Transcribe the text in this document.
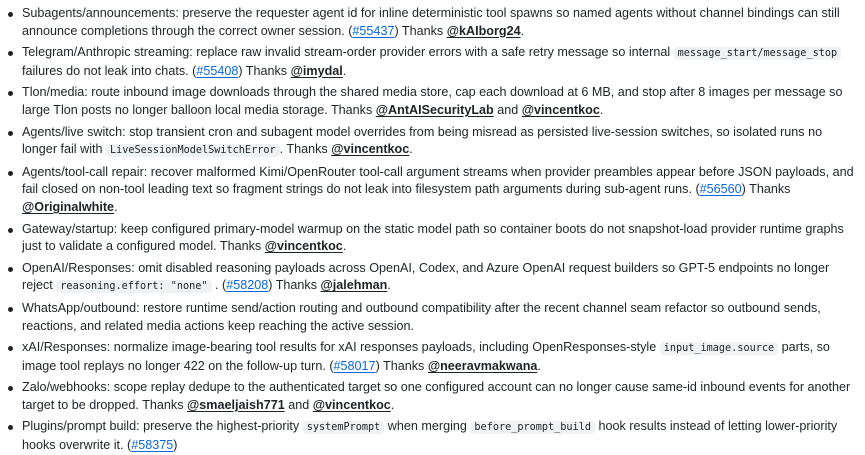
Subagents/announcements: preserve the requester agent id for inline deterministic tool spawns so named agents without channel bindings can still announce completions through the correct owner session. (#55437) Thanks @kAIborg24.
Telegram/Anthropic streaming: replace raw invalid stream-order provider errors with a safe retry message so internal message_start/message_stop failures do not leak into chats. (#55408) Thanks @imydal.
Tlon/media: route inbound image downloads through the shared media store, cap each download at 6 MB, and stop after 8 images per message so large Tlon posts no longer balloon local media storage. Thanks @AntAISecurityLab and @vincentkoc.
Agents/live switch: stop transient cron and subagent model overrides from being misread as persisted live-session switches, so isolated runs no longer fail with LiveSessionModelSwitchError . Thanks @vincentkoc.
Agents/tool-call repair: recover malformed Kimi/OpenRouter tool-call argument streams when provider preambles appear before JSON payloads, and fail closed on non-tool leading text so fragment strings do not leak into filesystem path arguments during sub-agent runs. (#56560) Thanks @Originalwhite.
Gateway/startup: keep configured primary-model warmup on the static model path so container boots do not snapshot-load provider runtime graphs just to validate a configured model. Thanks @vincentkoc.
OpenAI/Responses: omit disabled reasoning payloads across OpenAI, Codex, and Azure OpenAI request builders so GPT-5 endpoints no longer reject reasoning.effort: "none" . (#58208) Thanks @jalehman.
WhatsApp/outbound: restore runtime send/action routing and outbound compatibility after the recent channel seam refactor so outbound sends, reactions, and related media actions keep reaching the active session.
xAI/Responses: normalize image-bearing tool results for xAI responses payloads, including OpenResponses-style input_image.source parts, so image tool replays no longer 422 on the follow-up turn. (#58017) Thanks @neeravmakwana.
Zalo/webhooks: scope replay dedupe to the authenticated target so one configured account can no longer cause same-id inbound events for another target to be dropped. Thanks @smaeljaish771 and @vincentkoc.
Plugins/prompt build: preserve the highest-priority systemPrompt when merging before_prompt_build hook results instead of letting lower-priority hooks overwrite it. (#58375)
